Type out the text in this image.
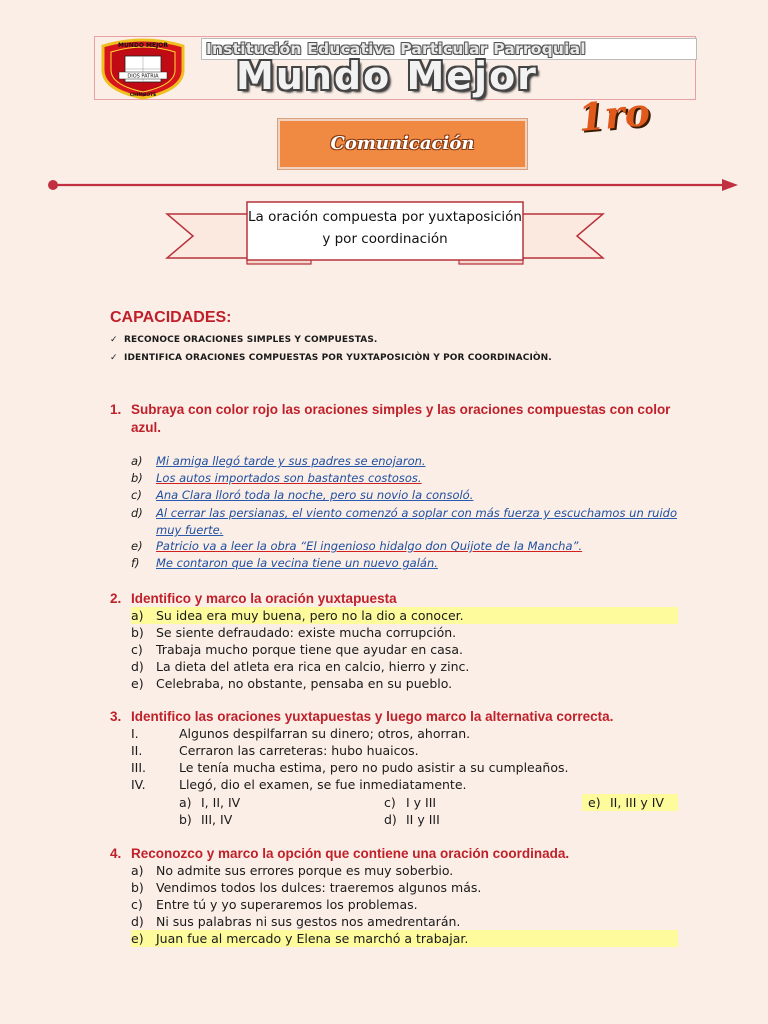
MUNDO MEJOR
DIOS PATRIA
CHIMBOTE
Institución Educativa Particular Parroquial
Mundo Mejor
1ro
Comunicación
La oración compuesta por yuxtaposición y por coordinación
CAPACIDADES:
✓ RECONOCE ORACIONES SIMPLES Y COMPUESTAS.
✓ IDENTIFICA ORACIONES COMPUESTAS POR YUXTAPOSICIÒN Y POR COORDINACIÒN.
1. Subraya con color rojo las oraciones simples y las oraciones compuestas con color azul.
a) Mi amiga llegó tarde y sus padres se enojaron.
b) Los autos importados son bastantes costosos.
c) Ana Clara lloró toda la noche, pero su novio la consoló.
d)	Al cerrar las persianas, el viento comenzó a soplar con más fuerza y escuchamos un ruido muy fuerte.
e) Patricio va a leer la obra “El ingenioso hidalgo don Quijote de la Mancha”.
f) Me contaron que la vecina tiene un nuevo galán.
2. Identifico y marco la oración yuxtapuesta
a) Su idea era muy buena, pero no la dio a conocer.
b) Se siente defraudado: existe mucha corrupción.
c) Trabaja mucho porque tiene que ayudar en casa.
d) La dieta del atleta era rica en calcio, hierro y zinc.
e) Celebraba, no obstante, pensaba en su pueblo.
3. Identifico las oraciones yuxtapuestas y luego marco la alternativa correcta.
I.	Algunos despilfarran su dinero; otros, ahorran.
II.	Cerraron las carreteras: hubo huaicos.
III.	Le tenía mucha estima, pero no pudo asistir a su cumpleaños.
IV.	Llegó, dio el examen, se fue inmediatamente.
a) I, II, IV
b) III, IV
c) I y III
d) II y III
e) II, III y IV
4. Reconozco y marco la opción que contiene una oración coordinada.
a) No admite sus errores porque es muy soberbio.
b) Vendimos todos los dulces: traeremos algunos más.
c) Entre tú y yo superaremos los problemas.
d) Ni sus palabras ni sus gestos nos amedrentarán.
e) Juan fue al mercado y Elena se marchó a trabajar.
